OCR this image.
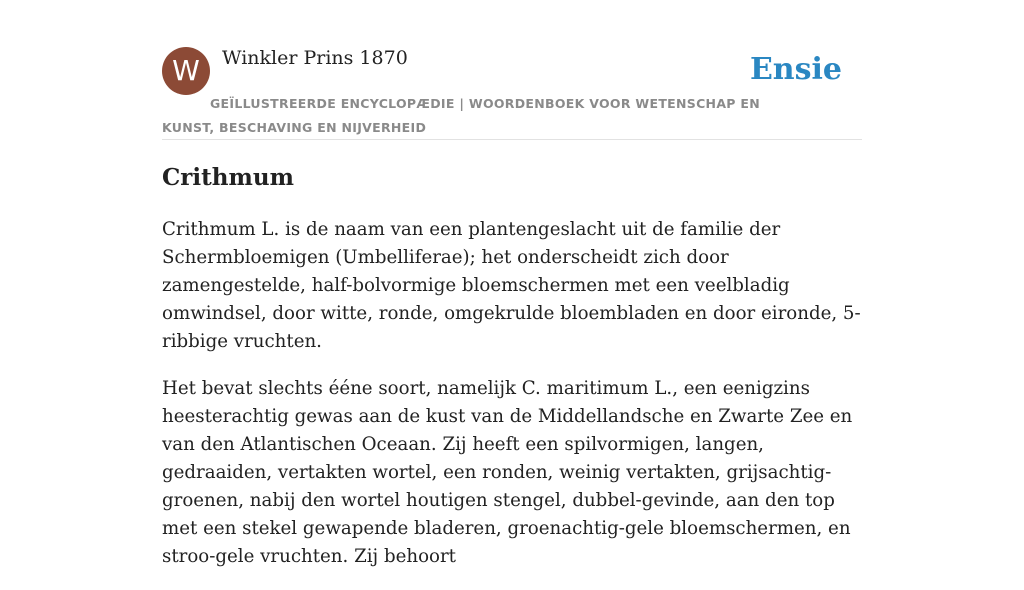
W	Winkler Prins 1870
GEÏLLUSTREERDE ENCYCLOPÆDIE | WOORDENBOEK VOOR WETENSCHAP EN KUNST, BESCHAVING EN NIJVERHEID
Ensie
Crithmum

Crithmum L. is de naam van een plantengeslacht uit de familie der Schermbloemigen (Umbelliferae); het onderscheidt zich door zamengestelde, half-bolvormige bloemschermen met een veelbladig omwindsel, door witte, ronde, omgekrulde bloembladen en door eironde, 5-ribbige vruchten.

Het bevat slechts ééne soort, namelijk C. maritimum L., een eenigzins heesterachtig gewas aan de kust van de Middellandsche en Zwarte Zee en van den Atlantischen Oceaan. Zij heeft een spilvormigen, langen, gedraaiden, vertakten wortel, een ronden, weinig vertakten, grijsachtig-groenen, nabij den wortel houtigen stengel, dubbel-gevinde, aan den top met een stekel gewapende bladeren, groenachtig-gele bloemschermen, en stroo-gele vruchten. Zij behoort
